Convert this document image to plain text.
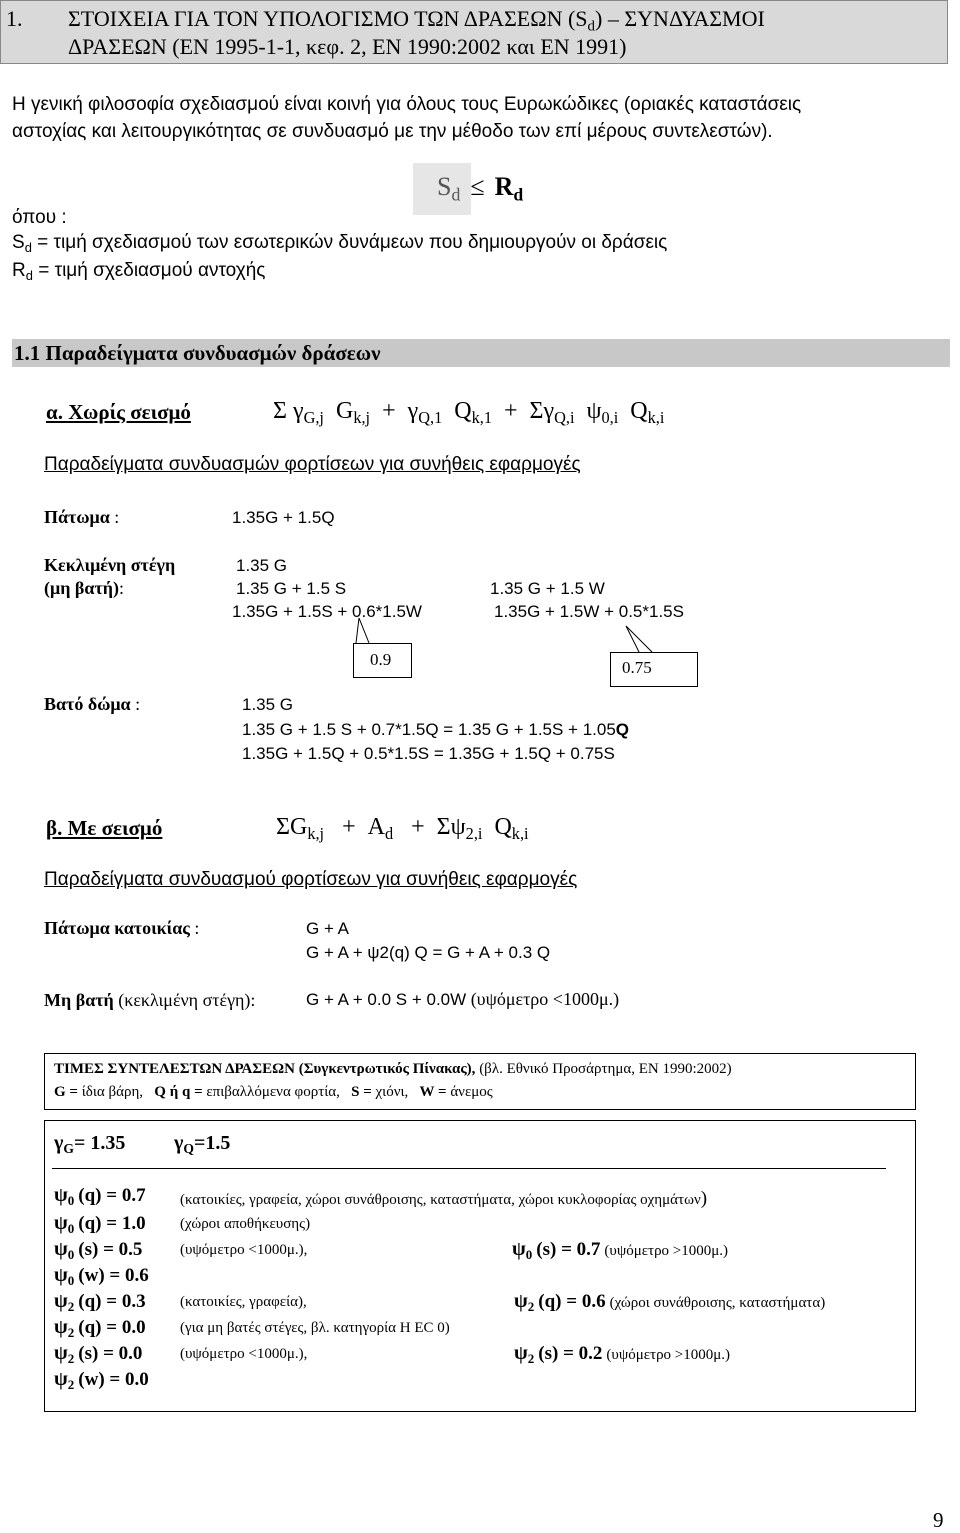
1. ΣΤΟΙΧΕΙΑ ΓΙΑ ΤΟΝ ΥΠΟΛΟΓΙΣΜΟ ΤΩΝ ΔΡΑΣΕΩΝ $(S_d)$ – ΣΥΝΔΥΑΣΜΟΙ
ΔΡΑΣΕΩΝ (ΕΝ 1995-1-1, κεφ. 2, ΕΝ 1990:2002 και ΕΝ 1991)
Η γενική φιλοσοφία σχεδιασμού είναι κοινή για όλους τους Ευρωκώδικες (οριακές καταστάσεις
αστοχίας και λειτουργικότητας σε συνδυασμό με την μέθοδο των επί μέρους συντελεστών).
$S_d \le R_d$
όπου :
$S_d = \tau\iota\mu ή$ σχεδιασμού των εσωτερικών δυνάμεων που δημιουργούν οι δράσεις
$R_d = \tau\iota\mu ή$ σχεδιασμού αντοχής
1.1 Παραδείγματα συνδυασμών δράσεων
α. Χωρίς σεισμό	Σ $\gamma_{G,j}$  $G_{k,j} + \gamma_{Q,1}$  $Q_{k,1} + \Sigma\gamma_{Q,i}$  $\psi_{0,i}$  $Q_{k,i}$
Παραδείγματα συνδυασμών φορτίσεων για συνήθεις εφαρμογές
Πάτωμα :	1.35G + 1.5Q
Κεκλιμένη στέγη
(μη βατή):
1.35 G
1.35 G + 1.5 S	1.35 G + 1.5 W
1.35G + 1.5S + 0.6*1.5W	1.35G + 1.5W + 0.5*1.5S
0.9	0.75
Βατό δώμα :	1.35 G
1.35 G + 1.5 S + 0.7*1.5Q = 1.35 G + 1.5S + 1.05Q
1.35G + 1.5Q + 0.5*1.5S = 1.35G + 1.5Q + 0.75S
β. Με σεισμό	$\Sigma G_{k,j} + A_d + \Sigma\psi_{2,i}$  $Q_{k,i}$
Παραδείγματα συνδυασμού φορτίσεων για συνήθεις εφαρμογές
Πάτωμα κατοικίας :	G + A
G + A + ψ2(q) Q = G + A + 0.3 Q
Μη βατή (κεκλιμένη στέγη):	G + A + 0.0 S + 0.0W (υψόμετρο <1000μ.)
ΤΙΜΕΣ ΣΥΝΤΕΛΕΣΤΩΝ ΔΡΑΣΕΩΝ (Συγκεντρωτικός Πίνακας), (βλ. Εθνικό Προσάρτημα, ΕΝ 1990:2002)
G = ίδια βάρη, Q ή q = επιβαλλόμενα φορτία, S = χιόνι, W = άνεμος
$\gamma_G= 1.35$ $\gamma_Q=1.5$
$\psi_0$ (q) = 0.7 (κατοικίες, γραφεία, χώροι συνάθροισης, καταστήματα, χώροι κυκλοφορίας οχημάτων)
$\psi_0$ (q) = 1.0 (χώροι αποθήκευσης)
$\psi_0$ (s) = 0.5	(υψόμετρο <1000μ.),	$\psi_0$ (s) = 0.7 (υψόμετρο >1000μ.)
$\psi_0$ (w) = 0.6
$\psi_2$ (q) = 0.3 (κατοικίες, γραφεία),	$\psi_2$ (q) = 0.6 (χώροι συνάθροισης, καταστήματα)
$\psi_2$ (q) = 0.0 (για μη βατές στέγες, βλ. κατηγορία Η EC 0)
$\psi_2$ (s) = 0.0	(υψόμετρο <1000μ.),	$\psi_2$ (s) = 0.2 (υψόμετρο >1000μ.)
$\psi_2$ (w) = 0.0
9
